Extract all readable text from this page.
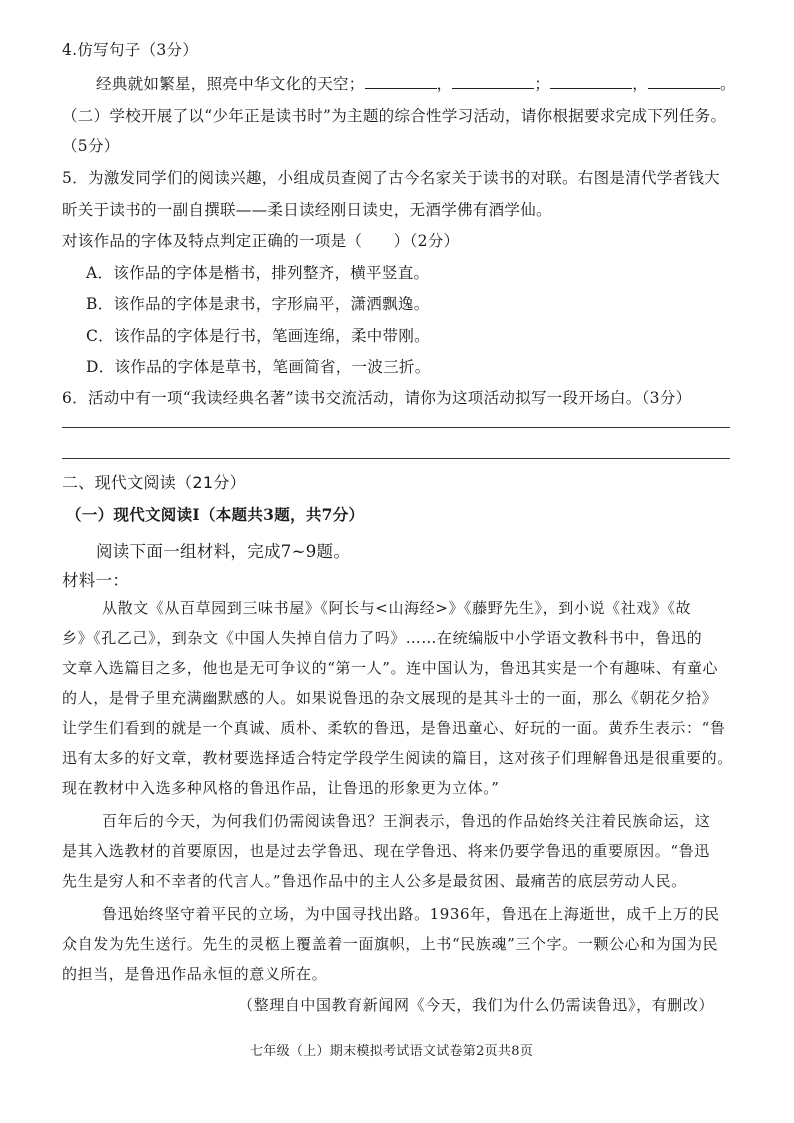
4.仿写句子（3分）
经典就如繁星，照亮中华文化的天空；	，	；	，	。
（二）学校开展了以“少年正是读书时”为主题的综合性学习活动，请你根据要求完成下列任务。
（5分）
5．为激发同学们的阅读兴趣，小组成员查阅了古今名家关于读书的对联。右图是清代学者钱大
昕关于读书的一副自撰联——柔日读经刚日读史，无酒学佛有酒学仙。
对该作品的字体及特点判定正确的一项是（　　）（2分）
A．该作品的字体是楷书，排列整齐，横平竖直。
B．该作品的字体是隶书，字形扁平，潇洒飘逸。
C．该作品的字体是行书，笔画连绵，柔中带刚。
D．该作品的字体是草书，笔画简省，一波三折。
6．活动中有一项“我读经典名著”读书交流活动，请你为这项活动拟写一段开场白。（3分）
二、现代文阅读（21分）
（一）现代文阅读Ⅰ（本题共3题，共7分）
阅读下面一组材料，完成7~9题。
材料一：
从散文《从百草园到三味书屋》《阿长与<山海经>》《藤野先生》，到小说《社戏》《故
乡》《孔乙己》，到杂文《中国人失掉自信力了吗》……在统编版中小学语文教科书中，鲁迅的
文章入选篇目之多，他也是无可争议的“第一人”。连中国认为，鲁迅其实是一个有趣味、有童心
的人，是骨子里充满幽默感的人。如果说鲁迅的杂文展现的是其斗士的一面，那么《朝花夕拾》
让学生们看到的就是一个真诚、质朴、柔软的鲁迅，是鲁迅童心、好玩的一面。黄乔生表示：“鲁
迅有太多的好文章，教材要选择适合特定学段学生阅读的篇目，这对孩子们理解鲁迅是很重要的。
现在教材中入选多种风格的鲁迅作品，让鲁迅的形象更为立体。”
百年后的今天，为何我们仍需阅读鲁迅？王涧表示，鲁迅的作品始终关注着民族命运，这
是其入选教材的首要原因，也是过去学鲁迅、现在学鲁迅、将来仍要学鲁迅的重要原因。“鲁迅
先生是穷人和不幸者的代言人。”鲁迅作品中的主人公多是最贫困、最痛苦的底层劳动人民。
鲁迅始终坚守着平民的立场，为中国寻找出路。1936年，鲁迅在上海逝世，成千上万的民
众自发为先生送行。先生的灵柩上覆盖着一面旗帜，上书“民族魂”三个字。一颗公心和为国为民
的担当，是鲁迅作品永恒的意义所在。
（整理自中国教育新闻网《今天，我们为什么仍需读鲁迅》，有删改）
七年级（上）期末模拟考试语文试卷第2页共8页
